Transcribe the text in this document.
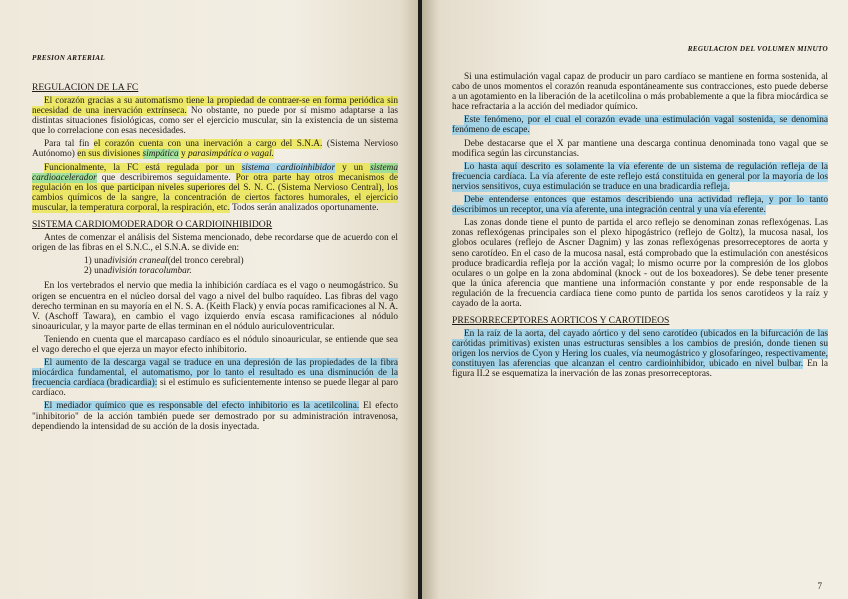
PRESION ARTERIAL
REGULACION DE LA FC

El corazón gracias a su automatismo tiene la propiedad de contraer-se en forma periódica sin necesidad de una inervación extrínseca. No obstante, no puede por sí mismo adaptarse a las distintas situaciones fisiológicas, como ser el ejercicio muscular, sin la existencia de un sistema que lo correlacione con esas necesidades.

Para tal fin el corazón cuenta con una inervación a cargo del S.N.A. (Sistema Nervioso Autónomo) en sus divisiones simpática y parasimpática o vagal.

Funcionalmente, la FC está regulada por un sistema cardioinhibidor y un sistema cardioacelerador que describiremos seguidamente. Por otra parte hay otros mecanismos de regulación en los que participan niveles superiores del S. N. C. (Sistema Nervioso Central), los cambios químicos de la sangre, la concentración de ciertos factores humorales, el ejercicio muscular, la temperatura corporal, la respiración, etc. Todos serán analizados oportunamente.

SISTEMA CARDIOMODERADOR O CARDIOINHIBIDOR

Antes de comenzar el análisis del Sistema mencionado, debe recordarse que de acuerdo con el origen de las fibras en el S.N.C., el S.N.A. se divide en:

1)
una división craneal (del tronco cerebral)
2)
una división toracolumbar.

En los vertebrados el nervio que media la inhibición cardíaca es el vago o neumogástrico. Su origen se encuentra en el núcleo dorsal del vago a nivel del bulbo raquídeo. Las fibras del vago derecho terminan en su mayoría en el N. S. A. (Keith Flack) y envía pocas ramificaciones al N. A. V. (Aschoff Tawara), en cambio el vago izquierdo envía escasa ramificaciones al nódulo sinoauricular, y la mayor parte de ellas terminan en el nódulo auriculoventricular.

Teniendo en cuenta que el marcapaso cardíaco es el nódulo sinoauricular, se entiende que sea el vago derecho el que ejerza un mayor efecto inhibitorio.

El aumento de la descarga vagal se traduce en una depresión de las propiedades de la fibra miocárdica fundamental, el automatismo, por lo tanto el resultado es una disminución de la frecuencia cardíaca (bradicardia): si el estímulo es suficientemente intenso se puede llegar al paro cardíaco.

El mediador químico que es responsable del efecto inhibitorio es la acetilcolina. El efecto "inhibitorio" de la acción también puede ser demostrado por su administración intravenosa, dependiendo la intensidad de su acción de la dosis inyectada.

REGULACION DEL VOLUMEN MINUTO

Si una estimulación vagal capaz de producir un paro cardíaco se mantiene en forma sostenida, al cabo de unos momentos el corazón reanuda espontáneamente sus contracciones, esto puede deberse a un agotamiento en la liberación de la acetilcolina o más probablemente a que la fibra miocárdica se hace refractaria a la acción del mediador químico.

Este fenómeno, por el cual el corazón evade una estimulación vagal sostenida, se denomina fenómeno de escape.

Debe destacarse que el X par mantiene una descarga continua denominada tono vagal que se modifica según las circunstancias.

Lo hasta aquí descrito es solamente la vía eferente de un sistema de regulación refleja de la frecuencia cardíaca. La vía aferente de este reflejo está constituida en general por la mayoría de los nervios sensitivos, cuya estimulación se traduce en una bradicardia refleja.

Debe entenderse entonces que estamos describiendo una actividad refleja, y por lo tanto describimos un receptor, una vía aferente, una integración central y una vía eferente.

Las zonas donde tiene el punto de partida el arco reflejo se denominan zonas reflexógenas. Las zonas reflexógenas principales son el plexo hipogástrico (reflejo de Goltz), la mucosa nasal, los globos oculares (reflejo de Ascner Dagnim) y las zonas reflexógenas presorreceptores de aorta y seno carotídeo. En el caso de la mucosa nasal, está comprobado que la estimulación con anestésicos produce bradicardia refleja por la acción vagal; lo mismo ocurre por la compresión de los globos oculares o un golpe en la zona abdominal (knock - out de los boxeadores). Se debe tener presente que la única aferencia que mantiene una información constante y por ende responsable de la regulación de la frecuencia cardíaca tiene como punto de partida los senos carotídeos y la raíz y cayado de la aorta.

PRESORRECEPTORES AORTICOS Y CAROTIDEOS

En la raíz de la aorta, del cayado aórtico y del seno carotídeo (ubicados en la bifurcación de las carótidas primitivas) existen unas estructuras sensibles a los cambios de presión, donde tienen su origen los nervios de Cyon y Hering los cuales, vía neumogástrico y glosofaríngeo, respectivamente, constituyen las aferencias que alcanzan el centro cardioinhibidor, ubicado en nivel bulbar. En la figura II.2 se esquematiza la inervación de las zonas presorreceptoras.

7
